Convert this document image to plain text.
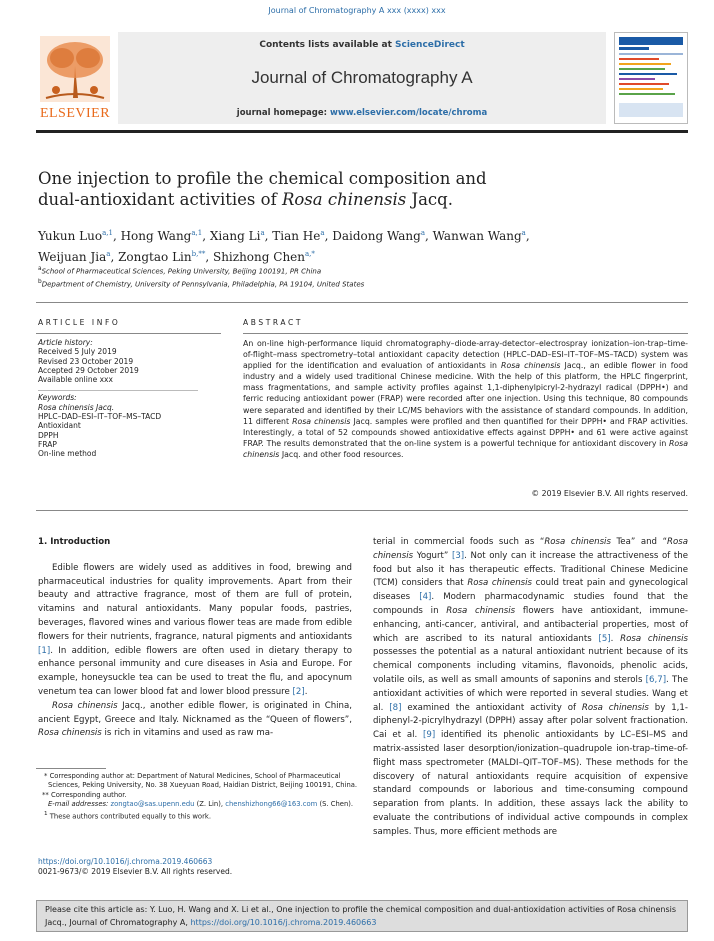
Journal of Chromatography A xxx (xxxx) xxx
ELSEVIER
Contents lists available at ScienceDirect
Journal of Chromatography A
journal homepage: www.elsevier.com/locate/chroma
One injection to profile the chemical composition and
dual-antioxidant activities of Rosa chinensis Jacq.
Yukun Luo$^{a,1}$, Hong Wang$^{a,1}$, Xiang Li$^a$, Tian He$^a$, Daidong Wang$^a$, Wanwan Wang$^a$,
Weijuan Jia$^a$, Zongtao Lin$^{b,**}$, Shizhong Chen$^{a,*}$
$^a$School of Pharmaceutical Sciences, Peking University, Beijing 100191, PR China
$^b$Department of Chemistry, University of Pennsylvania, Philadelphia, PA 19104, United States
ARTICLE INFO	ABSTRACT
Article history:
Received 5 July 2019
Revised 23 October 2019
Accepted 29 October 2019
Available online xxx
Keywords:
Rosa chinensis Jacq.
HPLC–DAD–ESI–IT–TOF–MS–TACD
Antioxidant
DPPH
FRAP
On-line method
An on-line high-performance liquid chromatography–diode-array-detector–electrospray ionization–ion-trap–time-of-flight–mass spectrometry–total antioxidant capacity detection (HPLC–DAD–ESI–IT–TOF–MS–TACD) system was applied for the identification and evaluation of antioxidants in Rosa chinensis Jacq., an edible flower in food industry and a widely used traditional Chinese medicine. With the help of this platform, the HPLC fingerprint, mass fragmentations, and sample activity profiles against 1,1-diphenylpicryl-2-hydrazyl radical (DPPH•) and ferric reducing antioxidant power (FRAP) were recorded after one injection. Using this technique, 80 compounds were separated and identified by their LC/MS behaviors with the assistance of standard compounds. In addition, 11 different Rosa chinensis Jacq. samples were profiled and then quantified for their DPPH• and FRAP activities. Interestingly, a total of 52 compounds showed antioxidative effects against DPPH• and 61 were active against FRAP. The results demonstrated that the on-line system is a powerful technique for antioxidant discovery in Rosa chinensis Jacq. and other food resources.
© 2019 Elsevier B.V. All rights reserved.
1. Introduction

Edible flowers are widely used as additives in food, brewing and pharmaceutical industries for quality improvements. Apart from their beauty and attractive fragrance, most of them are full of protein, vitamins and natural antioxidants. Many popular foods, pastries, beverages, flavored wines and various flower teas are made from edible flowers for their nutrients, fragrance, natural pigments and antioxidants [1]. In addition, edible flowers are often used in dietary therapy to enhance personal immunity and cure diseases in Asia and Europe. For example, honeysuckle tea can be used to treat the flu, and apocynum venetum tea can lower blood fat and lower blood pressure [2].

Rosa chinensis Jacq., another edible flower, is originated in China, ancient Egypt, Greece and Italy. Nicknamed as the “Queen of flowers”, Rosa chinensis is rich in vitamins and used as raw ma-

terial in commercial foods such as “Rosa chinensis Tea” and “Rosa chinensis Yogurt” [3]. Not only can it increase the attractiveness of the food but also it has therapeutic effects. Traditional Chinese Medicine (TCM) considers that Rosa chinensis could treat pain and gynecological diseases [4]. Modern pharmacodynamic studies found that the compounds in Rosa chinensis flowers have antioxidant, immune-enhancing, anti-cancer, antiviral, and antibacterial properties, most of which are ascribed to its natural antioxidants [5]. Rosa chinensis possesses the potential as a natural antioxidant nutrient because of its chemical components including vitamins, flavonoids, phenolic acids, volatile oils, as well as small amounts of saponins and sterols [6,7]. The antioxidant activities of which were reported in several studies. Wang et al. [8] examined the antioxidant activity of Rosa chinensis by 1,1-diphenyl-2-picrylhydrazyl (DPPH) assay after polar solvent fractionation. Cai et al. [9] identified its phenolic antioxidants by LC–ESI–MS and matrix-assisted laser desorption/ionization–quadrupole ion-trap–time-of-flight mass spectrometer (MALDI–QIT–TOF–MS). These methods for the discovery of natural antioxidants require acquisition of expensive standard compounds or laborious and time-consuming compound separation from plants. In addition, these assays lack the ability to evaluate the contributions of individual active compounds in complex samples. Thus, more efficient methods are

* Corresponding author at: Department of Natural Medicines, School of Pharmaceutical Sciences, Peking University, No. 38 Xueyuan Road, Haidian District, Beijing 100191, China.
** Corresponding author.
E-mail addresses: zongtao@sas.upenn.edu (Z. Lin), chenshizhong66@163.com (S. Chen).
$^1$ These authors contributed equally to this work.
https://doi.org/10.1016/j.chroma.2019.460663
0021-9673/© 2019 Elsevier B.V. All rights reserved.
Please cite this article as: Y. Luo, H. Wang and X. Li et al., One injection to profile the chemical composition and dual-antioxidation activities of Rosa chinensis Jacq., Journal of Chromatography A, https://doi.org/10.1016/j.chroma.2019.460663
